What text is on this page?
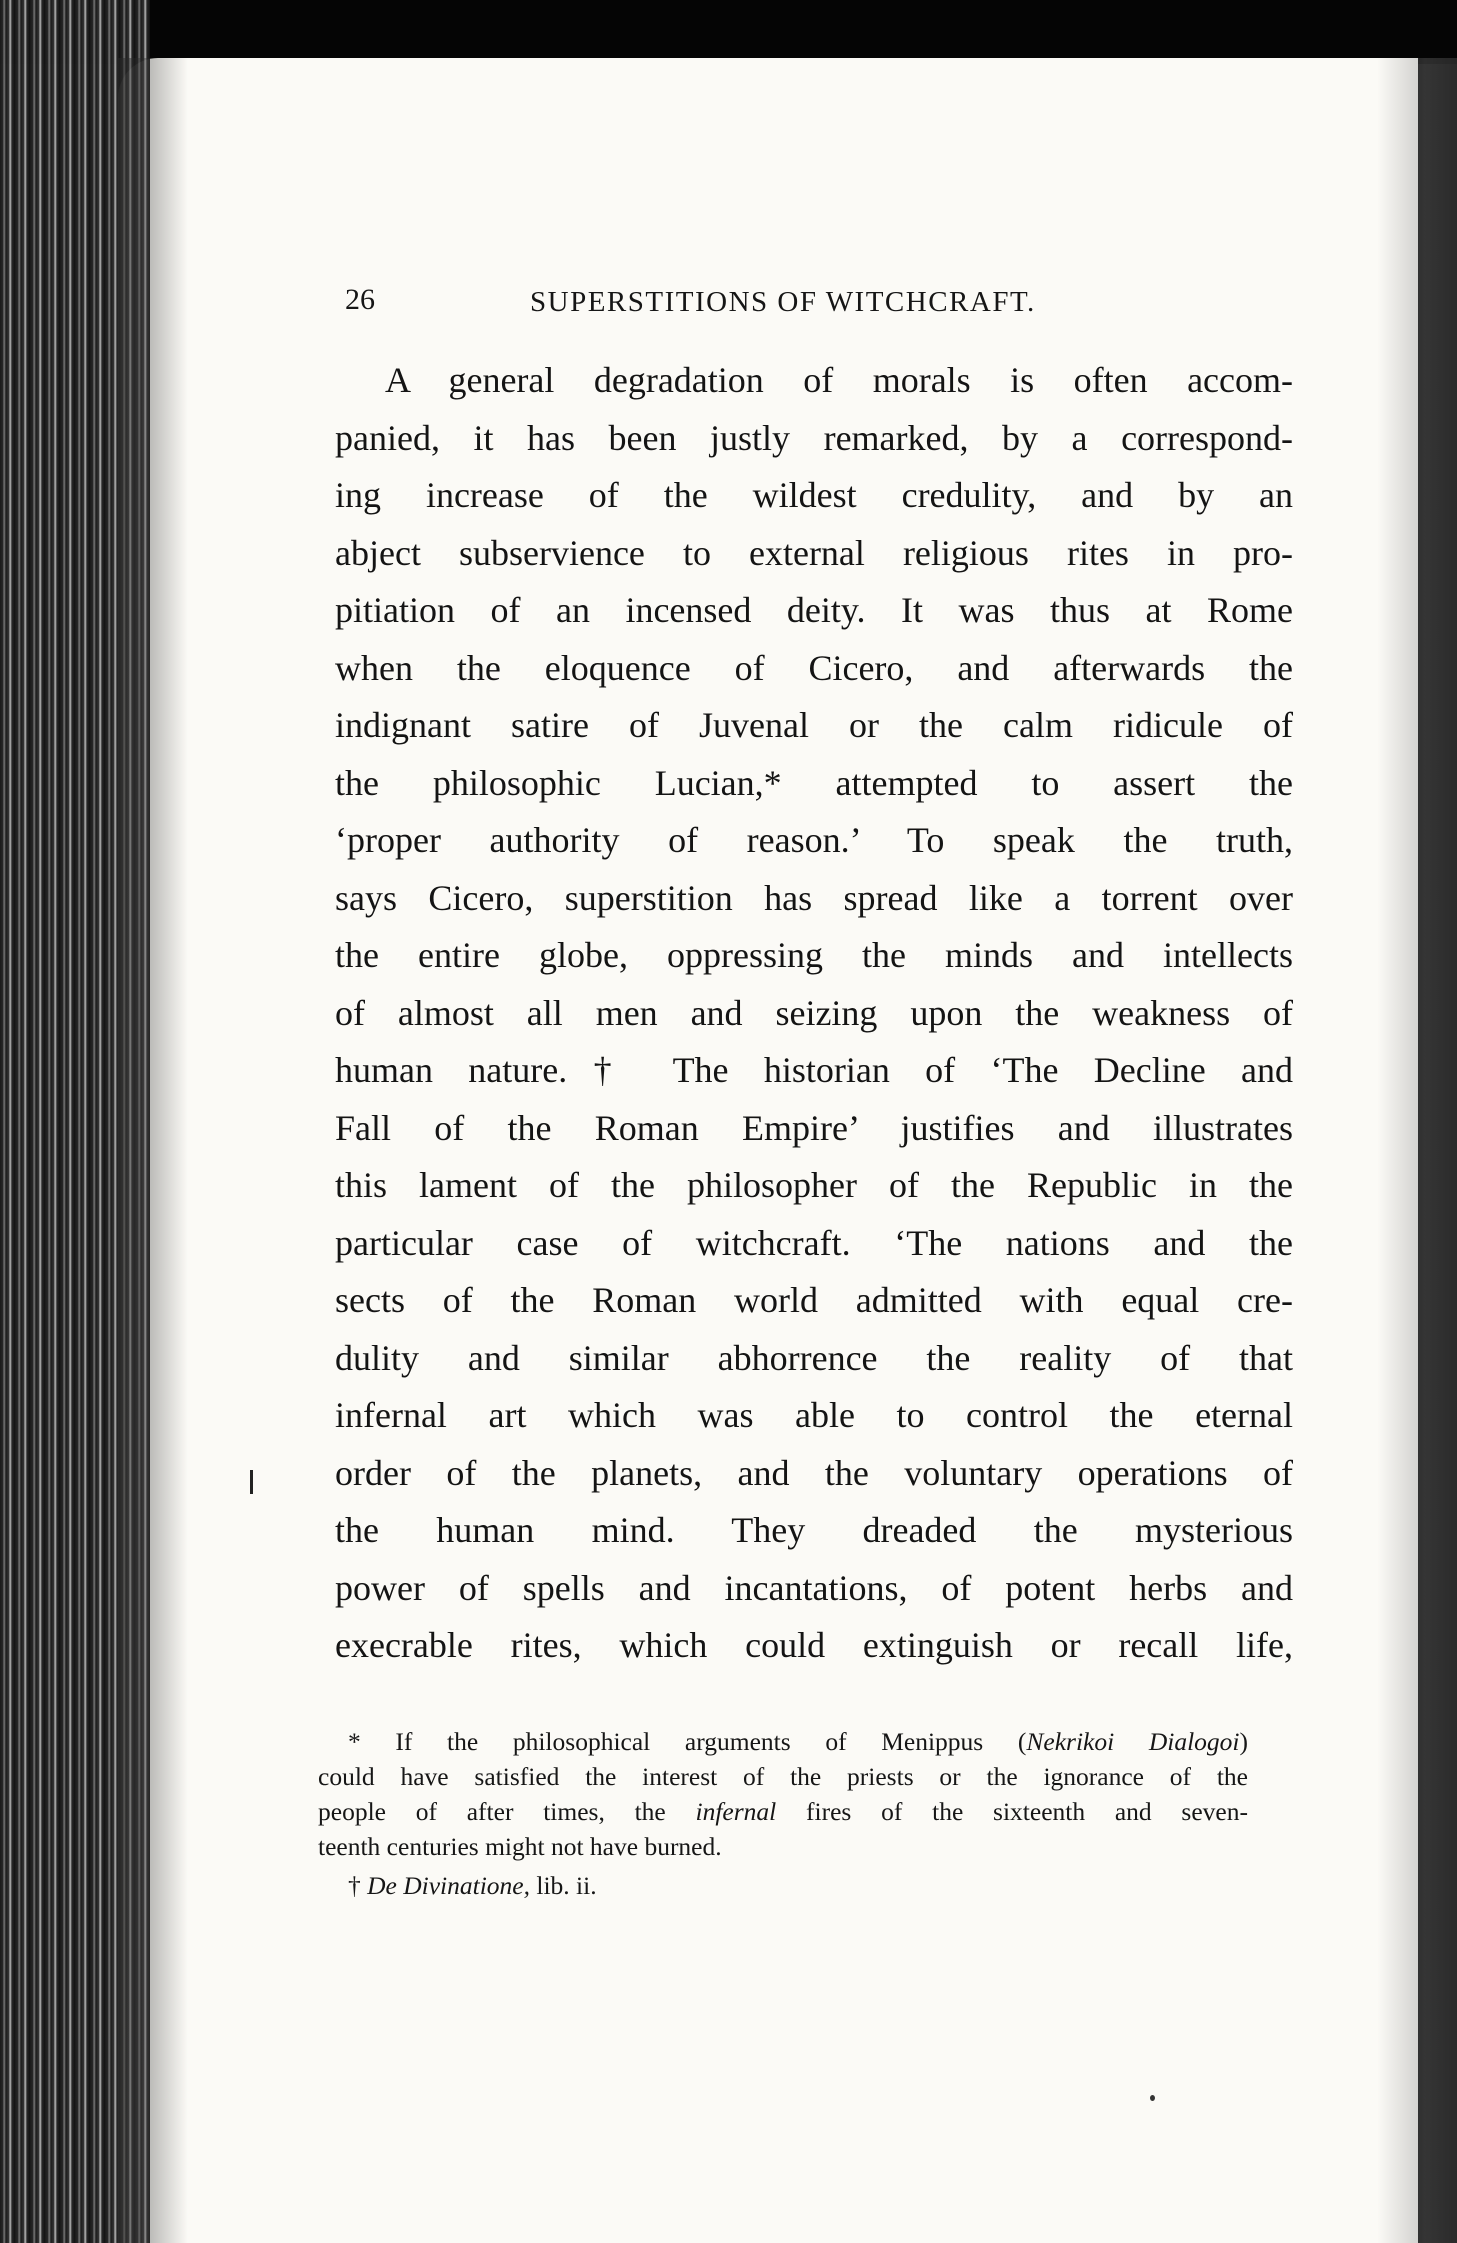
26	SUPERSTITIONS OF WITCHCRAFT.
A general degradation of morals is often accom-
panied, it has been justly remarked, by a correspond-
ing increase of the wildest credulity, and by an
abject subservience to external religious rites in pro-
pitiation of an incensed deity. It was thus at Rome
when the eloquence of Cicero, and afterwards the
indignant satire of Juvenal or the calm ridicule of
the philosophic Lucian,* attempted to assert the
‘proper authority of reason.’ To speak the truth,
says Cicero, superstition has spread like a torrent over
the entire globe, oppressing the minds and intellects
of almost all men and seizing upon the weakness of
human nature.† The historian of ‘The Decline and
Fall of the Roman Empire’ justifies and illustrates
this lament of the philosopher of the Republic in the
particular case of witchcraft. ‘The nations and the
sects of the Roman world admitted with equal cre-
dulity and similar abhorrence the reality of that
infernal art which was able to control the eternal
order of the planets, and the voluntary operations of
the human mind. They dreaded the mysterious
power of spells and incantations, of potent herbs and
execrable rites, which could extinguish or recall life,
* If the philosophical arguments of Menippus (Nekrikoi Dialogoi)
could have satisfied the interest of the priests or the ignorance of the
people of after times, the infernal fires of the sixteenth and seven-
teenth centuries might not have burned.
† De Divinatione, lib. ii.
